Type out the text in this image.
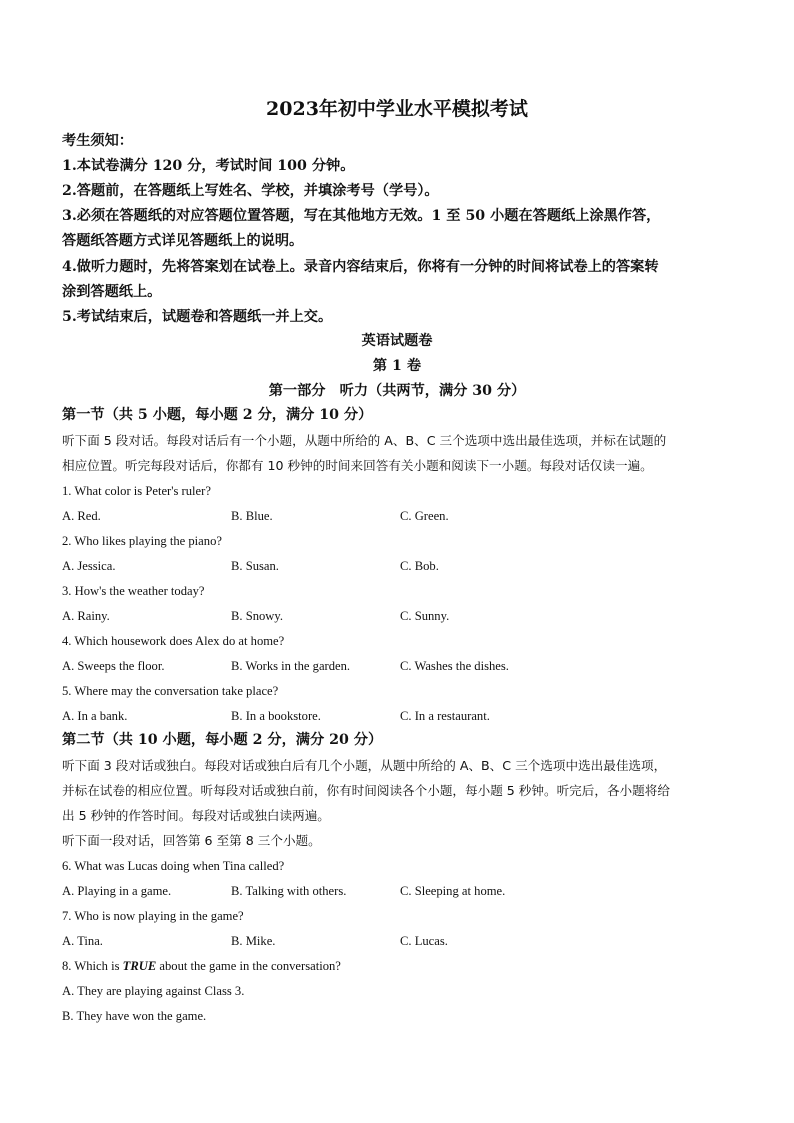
2023年初中学业水平模拟考试
考生须知：
1.本试卷满分 120 分，考试时间 100 分钟。
2.答题前，在答题纸上写姓名、学校，并填涂考号（学号）。
3.必须在答题纸的对应答题位置答题，写在其他地方无效。1 至 50 小题在答题纸上涂黑作答，
答题纸答题方式详见答题纸上的说明。
4.做听力题时，先将答案划在试卷上。录音内容结束后，你将有一分钟的时间将试卷上的答案转
涂到答题纸上。
5.考试结束后，试题卷和答题纸一并上交。
英语试题卷
第 1 卷
第一部分　听力（共两节，满分 30 分）
第一节（共 5 小题，每小题 2 分，满分 10 分）
听下面 5 段对话。每段对话后有一个小题，从题中所给的 A、B、C 三个选项中选出最佳选项，并标在试题的
相应位置。听完每段对话后，你都有 10 秒钟的时间来回答有关小题和阅读下一小题。每段对话仅读一遍。
1. What color is Peter's ruler?
A. Red.	B. Blue.	C. Green.
2. Who likes playing the piano?
A. Jessica.	B. Susan.	C. Bob.
3. How's the weather today?
A. Rainy.	B. Snowy.	C. Sunny.
4. Which housework does Alex do at home?
A. Sweeps the floor.	B. Works in the garden.	C. Washes the dishes.
5. Where may the conversation take place?
A. In a bank.	B. In a bookstore.	C. In a restaurant.
第二节（共 10 小题，每小题 2 分，满分 20 分）
听下面 3 段对话或独白。每段对话或独白后有几个小题，从题中所给的 A、B、C 三个选项中选出最佳选项，
并标在试卷的相应位置。听每段对话或独白前，你有时间阅读各个小题，每小题 5 秒钟。听完后，各小题将给
出 5 秒钟的作答时间。每段对话或独白读两遍。
听下面一段对话，回答第 6 至第 8 三个小题。
6. What was Lucas doing when Tina called?
A. Playing in a game.	B. Talking with others.	C. Sleeping at home.
7. Who is now playing in the game?
A. Tina.	B. Mike.	C. Lucas.
8. Which is TRUE about the game in the conversation?
A. They are playing against Class 3.
B. They have won the game.
